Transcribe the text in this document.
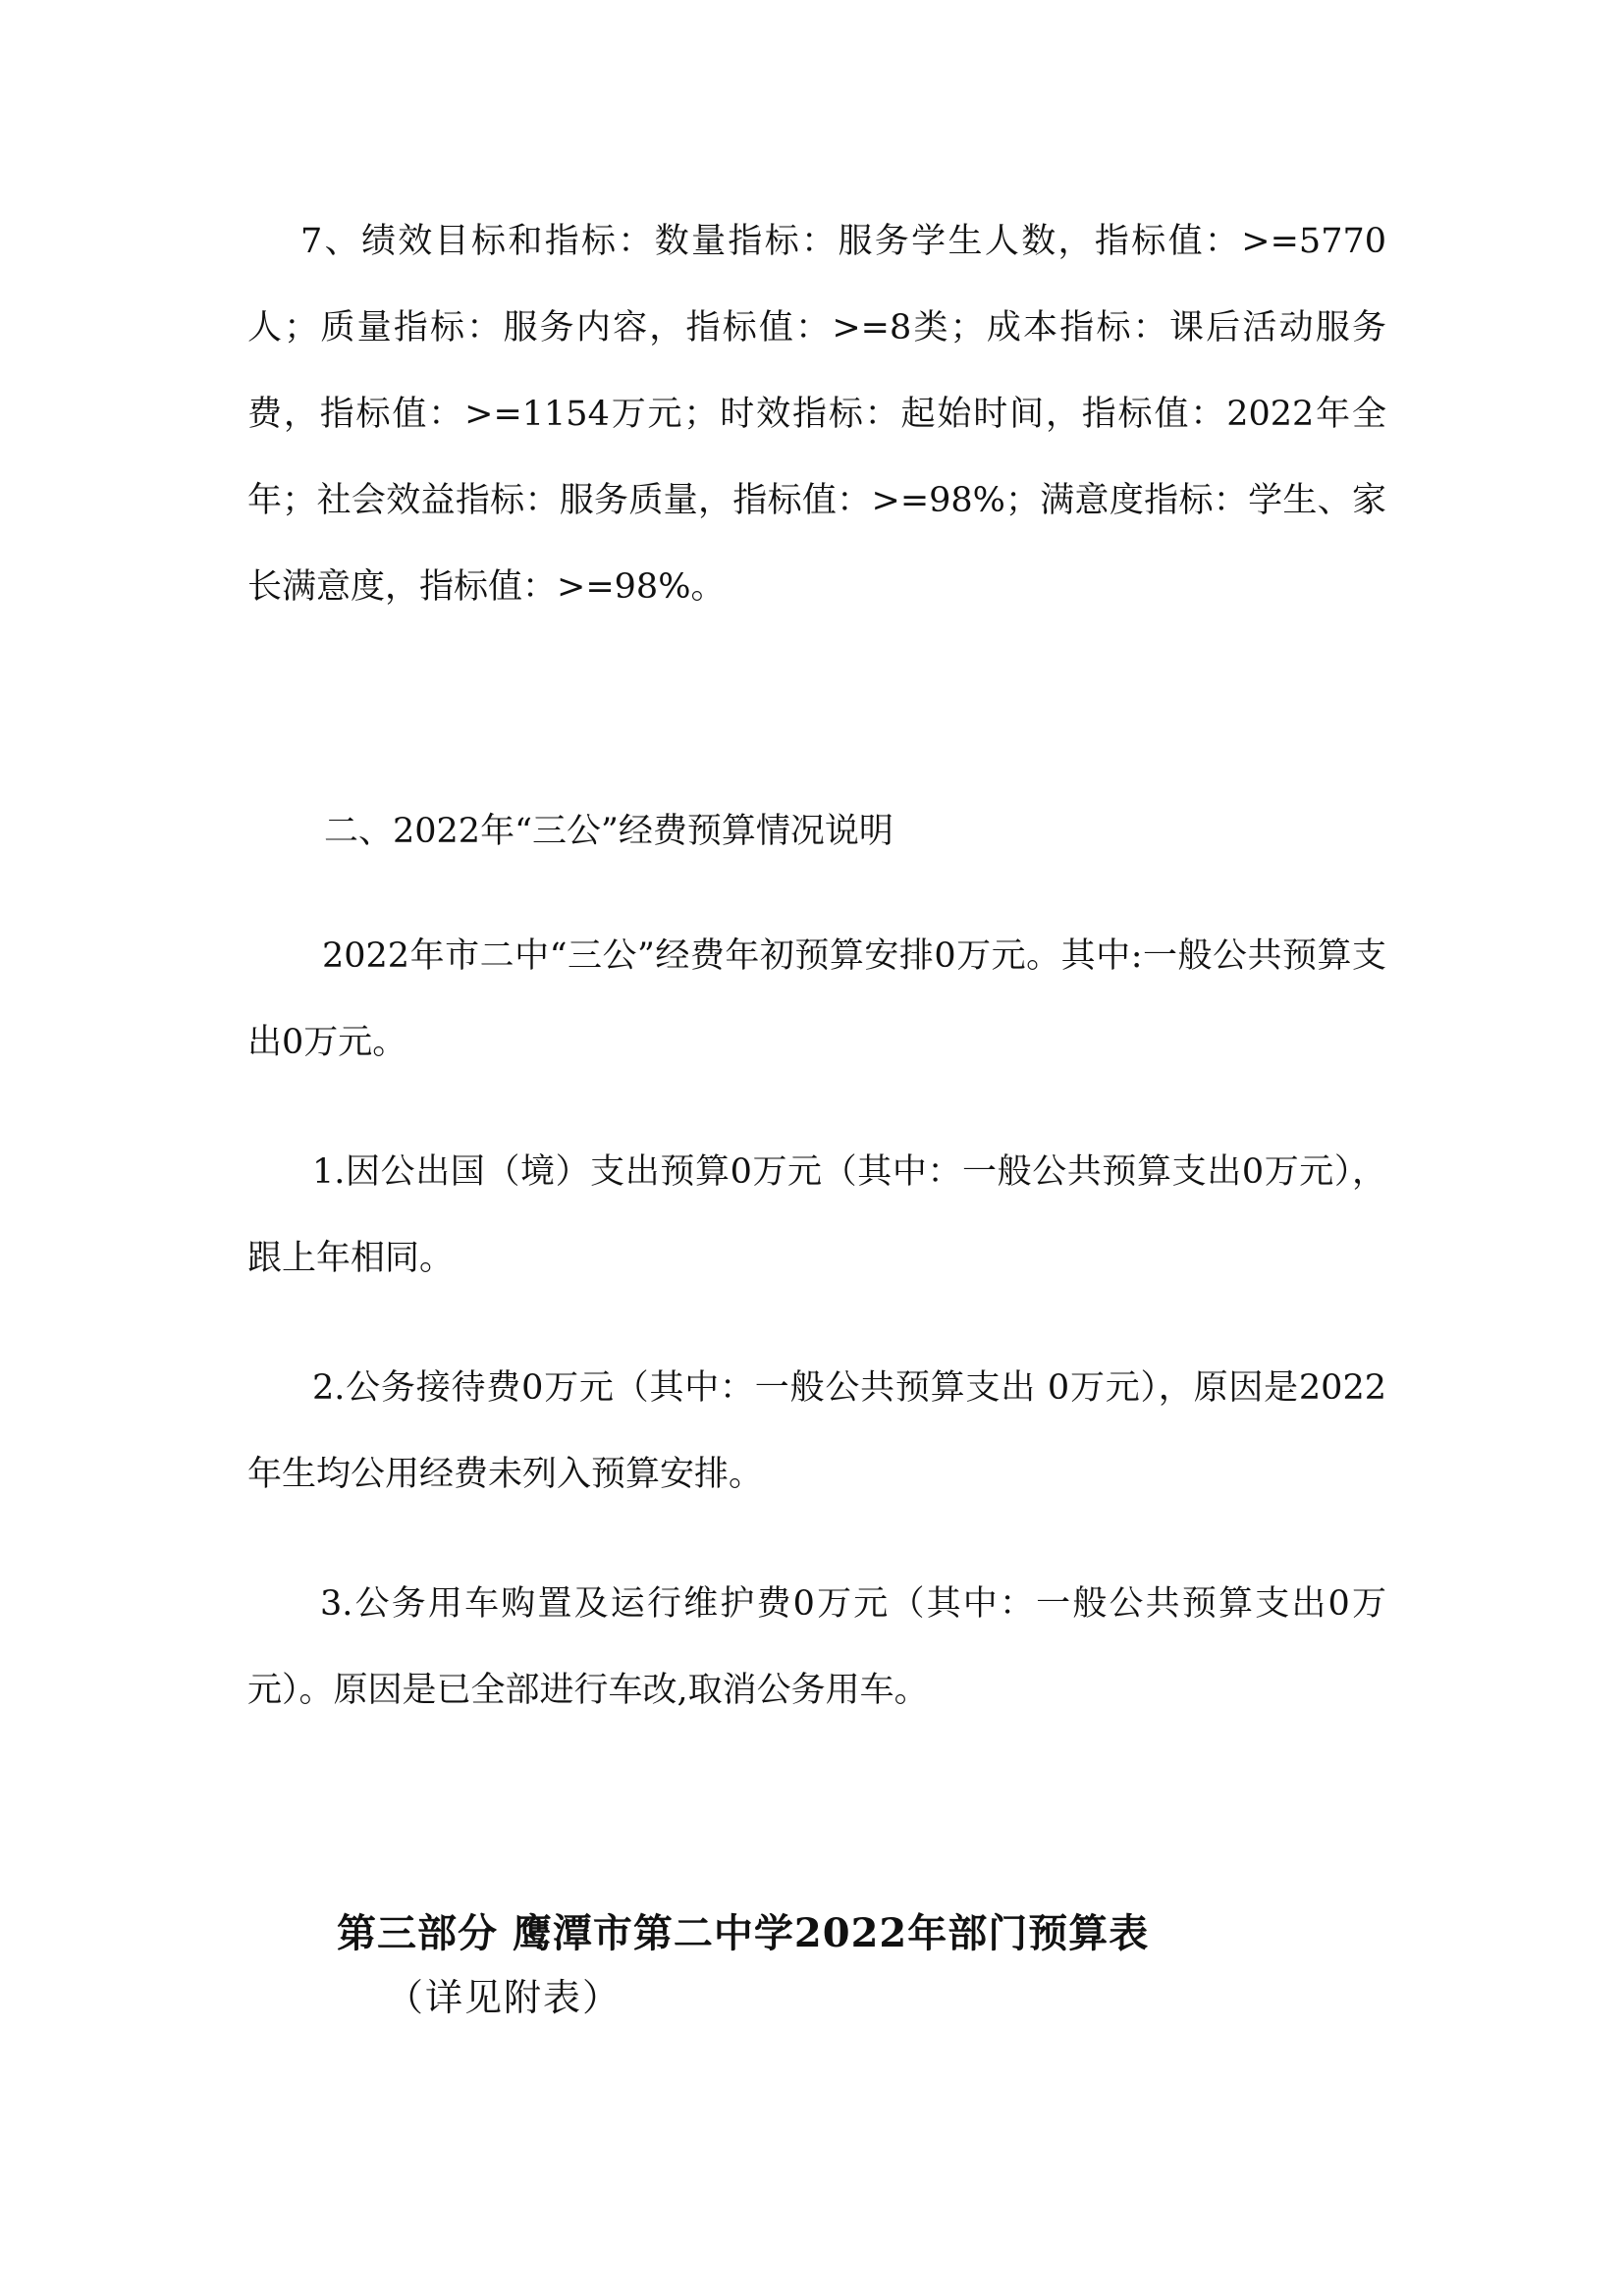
7、绩效目标和指标：数量指标：服务学生人数，指标值：>=5770人；质量指标：服务内容，指标值：>=8类；成本指标：课后活动服务费，指标值：>=1154万元；时效指标：起始时间，指标值：2022年全年；社会效益指标：服务质量，指标值：>=98%；满意度指标：学生、家长满意度，指标值：>=98%。

二、2022年“三公”经费预算情况说明

2022年市二中“三公”经费年初预算安排0万元。其中:一般公共预算支出0万元。

1.因公出国（境）支出预算0万元（其中：一般公共预算支出0万元），跟上年相同。

2.公务接待费0万元（其中：一般公共预算支出 0万元），原因是2022年生均公用经费未列入预算安排。

3.公务用车购置及运行维护费0万元（其中：一般公共预算支出0万元）。原因是已全部进行车改,取消公务用车。

第三部分 鹰潭市第二中学2022年部门预算表
（详见附表）
